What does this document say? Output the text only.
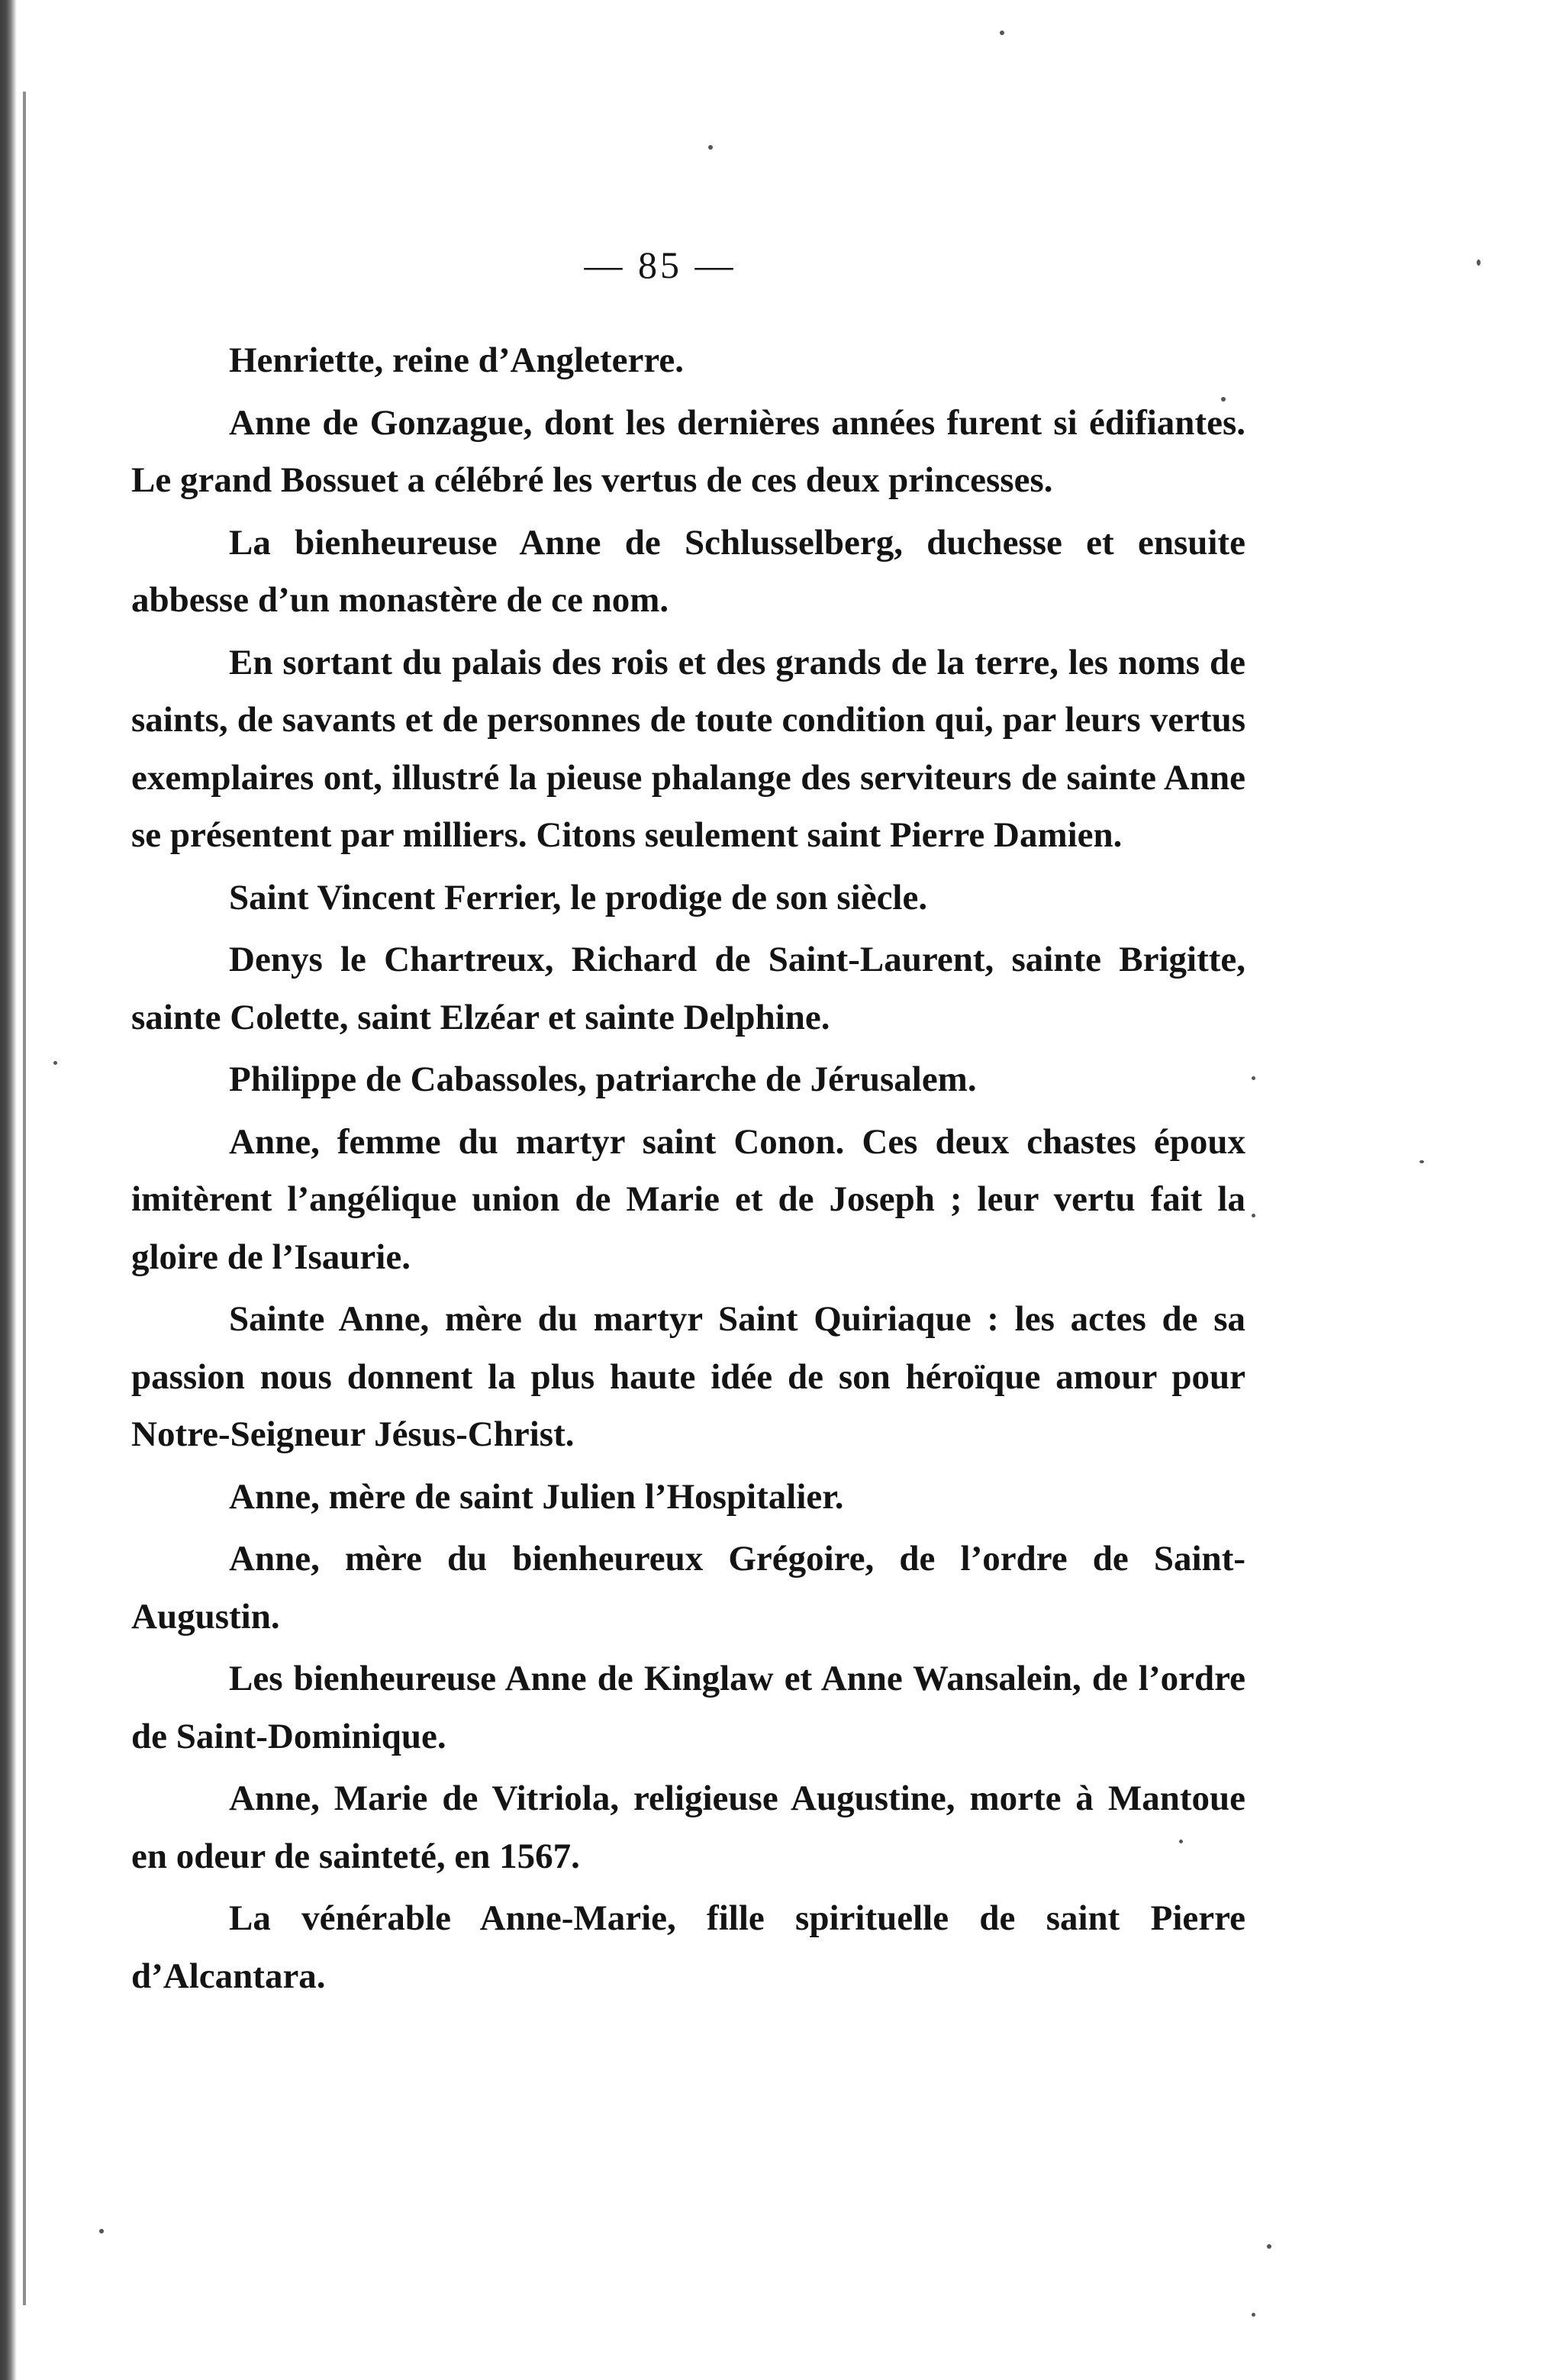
— 85 —

Henriette, reine d’Angleterre.

Anne de Gonzague, dont les dernières années furent si édifiantes. Le grand Bossuet a célébré les vertus de ces deux princesses.

La bienheureuse Anne de Schlusselberg, duchesse et ensuite abbesse d’un monastère de ce nom.

En sortant du palais des rois et des grands de la terre, les noms de saints, de savants et de personnes de toute condition qui, par leurs vertus exemplaires ont, illustré la pieuse phalange des serviteurs de sainte Anne se présentent par milliers. Citons seulement saint Pierre Damien.

Saint Vincent Ferrier, le prodige de son siècle.

Denys le Chartreux, Richard de Saint-Laurent, sainte Brigitte, sainte Colette, saint Elzéar et sainte Delphine.

Philippe de Cabassoles, patriarche de Jérusalem.

Anne, femme du martyr saint Conon. Ces deux chastes époux imitèrent l’angélique union de Marie et de Joseph ; leur vertu fait la gloire de l’Isaurie.

Sainte Anne, mère du martyr Saint Quiriaque : les actes de sa passion nous donnent la plus haute idée de son héroïque amour pour Notre-Seigneur Jésus-Christ.

Anne, mère de saint Julien l’Hospitalier.

Anne, mère du bienheureux Grégoire, de l’ordre de Saint-Augustin.

Les bienheureuse Anne de Kinglaw et Anne Wansalein, de l’ordre de Saint-Dominique.

Anne, Marie de Vitriola, religieuse Augustine, morte à Mantoue en odeur de sainteté, en 1567.

La vénérable Anne-Marie, fille spirituelle de saint Pierre d’Alcantara.
